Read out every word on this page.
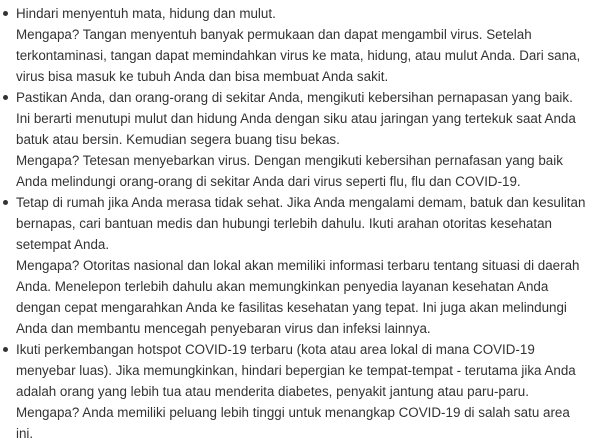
Hindari menyentuh mata, hidung dan mulut.
Mengapa? Tangan menyentuh banyak permukaan dan dapat mengambil virus. Setelah
terkontaminasi, tangan dapat memindahkan virus ke mata, hidung, atau mulut Anda. Dari sana,
virus bisa masuk ke tubuh Anda dan bisa membuat Anda sakit.
Pastikan Anda, dan orang-orang di sekitar Anda, mengikuti kebersihan pernapasan yang baik.
Ini berarti menutupi mulut dan hidung Anda dengan siku atau jaringan yang tertekuk saat Anda
batuk atau bersin. Kemudian segera buang tisu bekas.
Mengapa? Tetesan menyebarkan virus. Dengan mengikuti kebersihan pernafasan yang baik
Anda melindungi orang-orang di sekitar Anda dari virus seperti flu, flu dan COVID-19.
Tetap di rumah jika Anda merasa tidak sehat. Jika Anda mengalami demam, batuk dan kesulitan
bernapas, cari bantuan medis dan hubungi terlebih dahulu. Ikuti arahan otoritas kesehatan
setempat Anda.
Mengapa? Otoritas nasional dan lokal akan memiliki informasi terbaru tentang situasi di daerah
Anda. Menelepon terlebih dahulu akan memungkinkan penyedia layanan kesehatan Anda
dengan cepat mengarahkan Anda ke fasilitas kesehatan yang tepat. Ini juga akan melindungi
Anda dan membantu mencegah penyebaran virus dan infeksi lainnya.
Ikuti perkembangan hotspot COVID-19 terbaru (kota atau area lokal di mana COVID-19
menyebar luas). Jika memungkinkan, hindari bepergian ke tempat-tempat - terutama jika Anda
adalah orang yang lebih tua atau menderita diabetes, penyakit jantung atau paru-paru.
Mengapa? Anda memiliki peluang lebih tinggi untuk menangkap COVID-19 di salah satu area
ini.
